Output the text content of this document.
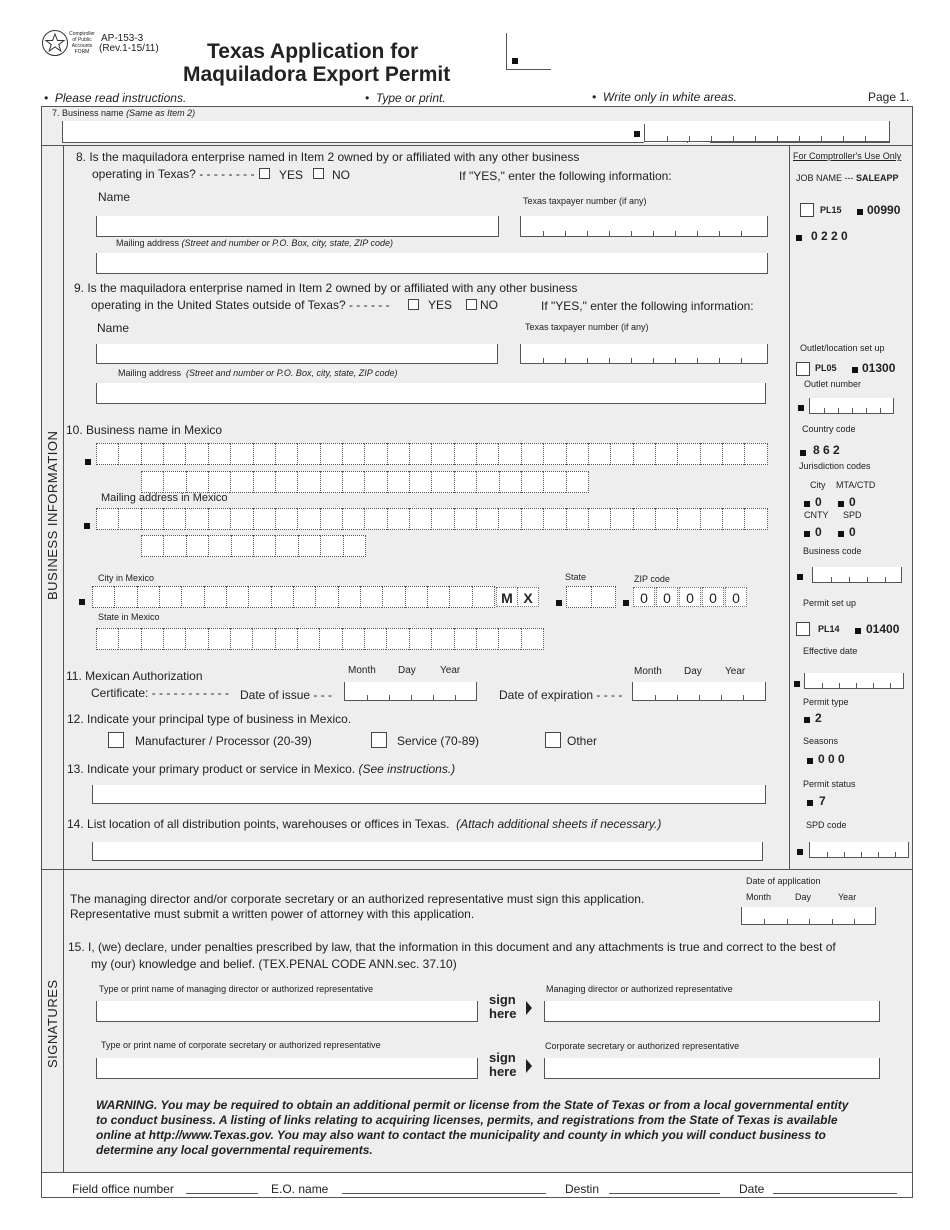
Comptroller of Public Accounts FORM
AP-153-3
(Rev.1-15/11) Texas Application for
Maquiladora Export Permit
•  Please read instructions.	•  Type or print.	•  Write only in white areas.	Page 1.
7. Business name (Same as Item 2)
BUSINESS INFORMATION
SIGNATURES
8. Is the maquiladora enterprise named in Item 2 owned by or affiliated with any other business
operating in Texas? - - - - - - - - YES NO	If "YES," enter the following information:
Name	Texas taxpayer number (if any)
Mailing address (Street and number or P.O. Box, city, state, ZIP code)
9. Is the maquiladora enterprise named in Item 2 owned by or affiliated with any other business
operating in the United States outside of Texas? - - - - - -	YES NO	If "YES," enter the following information:
Name	Texas taxpayer number (if any)
Mailing address (Street and number or P.O. Box, city, state, ZIP code)
10. Business name in Mexico
Mailing address in Mexico
City in Mexico	State	ZIP code
M X	0	0	0	0	0
State in Mexico
11. Mexican Authorization
Certificate: - - - - - - - - - - - Date of issue - - -
Month Day Year
Date of expiration - - - -
Month Day Year
12. Indicate your principal type of business in Mexico.
Manufacturer / Processor (20-39)	Service (70-89)	Other
13. Indicate your primary product or service in Mexico. (See instructions.)
14. List location of all distribution points, warehouses or offices in Texas. (Attach additional sheets if necessary.)
For Comptroller's Use Only
JOB NAME --- SALEAPP
PL15 00990
0 2 2 0
Outlet/location set up
PL05 01300
Outlet number
Country code
8 6 2
Jurisdiction codes
City MTA/CTD
0 0
CNTY SPD
0 0
Business code
Permit set up
PL14 01400
Effective date
Permit type
2
Seasons
0 0 0
Permit status
7
SPD code
Date of application
Month	Day	Year
The managing director and/or corporate secretary or an authorized representative must sign this application.
Representative must submit a written power of attorney with this application.
15. I, (we) declare, under penalties prescribed by law, that the information in this document and any attachments is true and correct to the best of
my (our) knowledge and belief. (TEX.PENAL CODE ANN.sec. 37.10)
Type or print name of managing director or authorized representative
sign
here
Managing director or authorized representative
Type or print name of corporate secretary or authorized representative
sign
here
Corporate secretary or authorized representative
WARNING. You may be required to obtain an additional permit or license from the State of Texas or from a local governmental entity
to conduct business. A listing of links relating to acquiring licenses, permits, and registrations from the State of Texas is available
online at http://www.Texas.gov. You may also want to contact the municipality and county in which you will conduct business to
determine any local governmental requirements.
Field office number	E.O. name	Destin	Date
